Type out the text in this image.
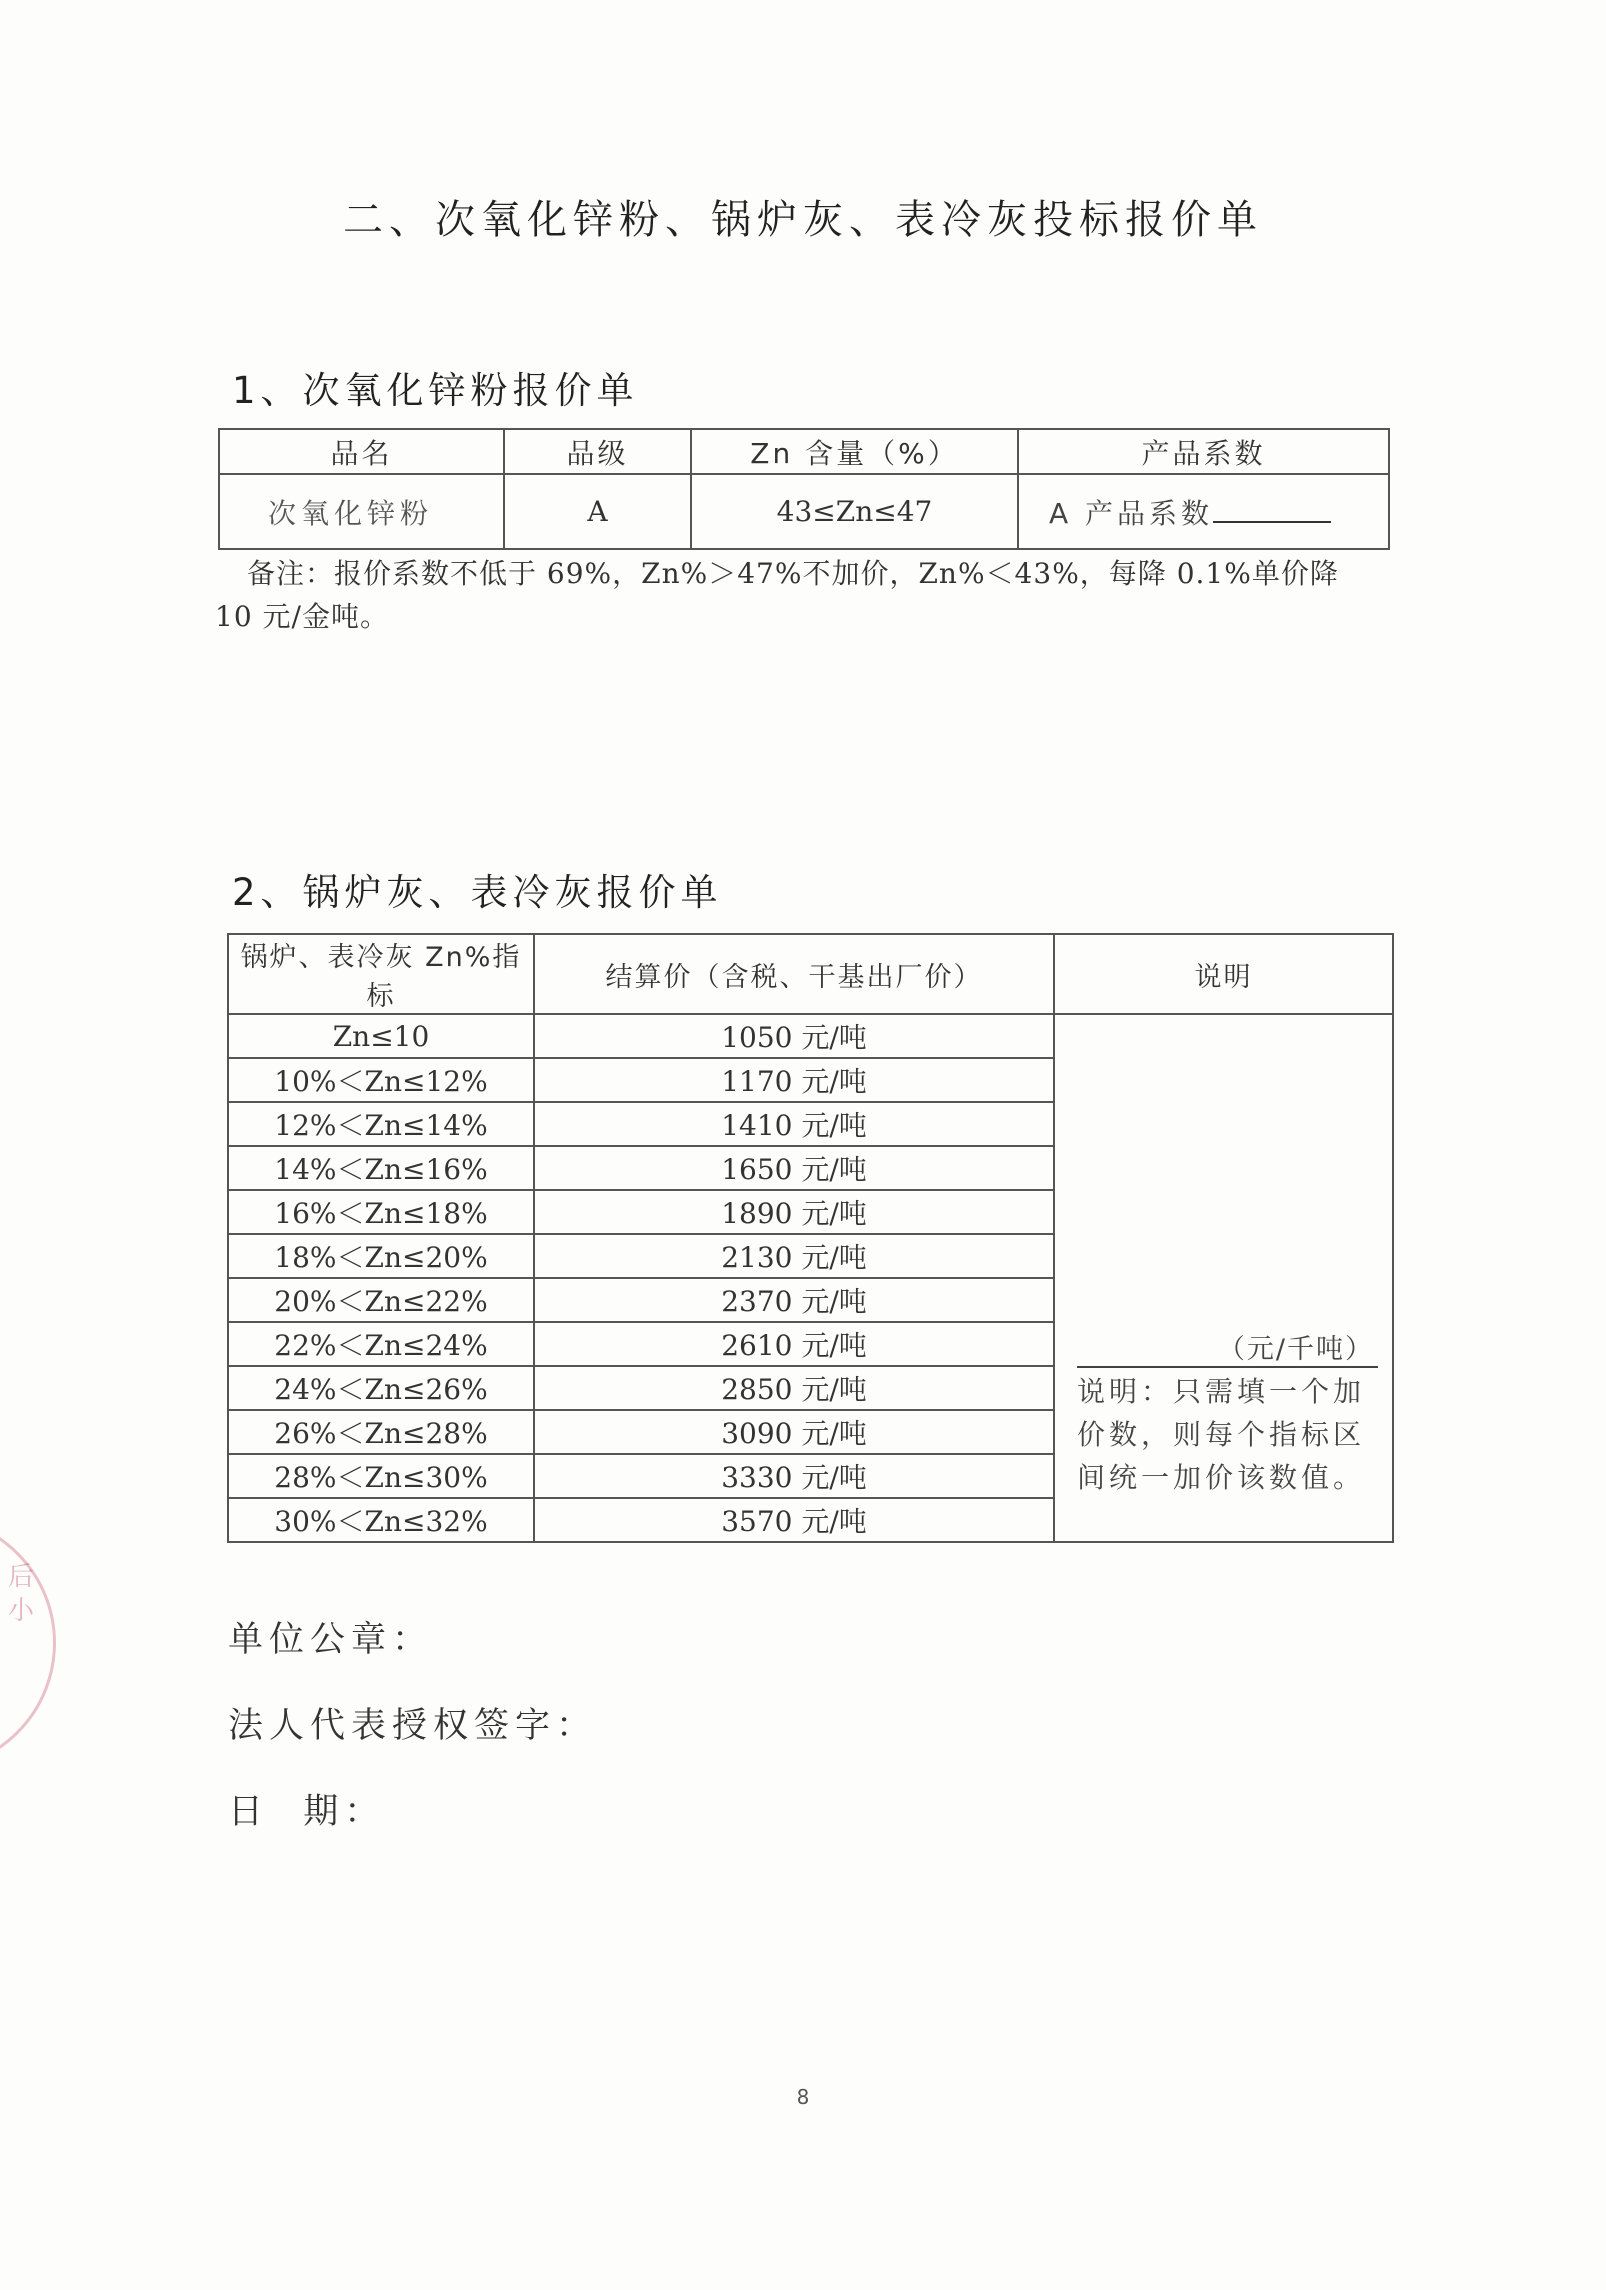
后小
二、次氧化锌粉、锅炉灰、表冷灰投标报价单
1、次氧化锌粉报价单
品名	品级	Zn 含量（%）	产品系数
次氧化锌粉	A	43≤Zn≤47	A 产品系数
备注：报价系数不低于 69%，Zn%＞47%不加价，Zn%＜43%，每降 0.1%单价降
10 元/金吨。
2、锅炉灰、表冷灰报价单
锅炉、表冷灰 Zn%指标	结算价（含税、干基出厂价）	说明
Zn≤10	1050 元/吨	（元/千吨）
说明：只需填一个加价数，则每个指标区间统一加价该数值。

10%＜Zn≤12%	1170 元/吨	
12%＜Zn≤14%	1410 元/吨	
14%＜Zn≤16%	1650 元/吨	
16%＜Zn≤18%	1890 元/吨	
18%＜Zn≤20%	2130 元/吨	
20%＜Zn≤22%	2370 元/吨	
22%＜Zn≤24%	2610 元/吨	
24%＜Zn≤26%	2850 元/吨	
26%＜Zn≤28%	3090 元/吨	
28%＜Zn≤30%	3330 元/吨	
30%＜Zn≤32%	3570 元/吨	
单位公章：
法人代表授权签字：
日  期：
8
